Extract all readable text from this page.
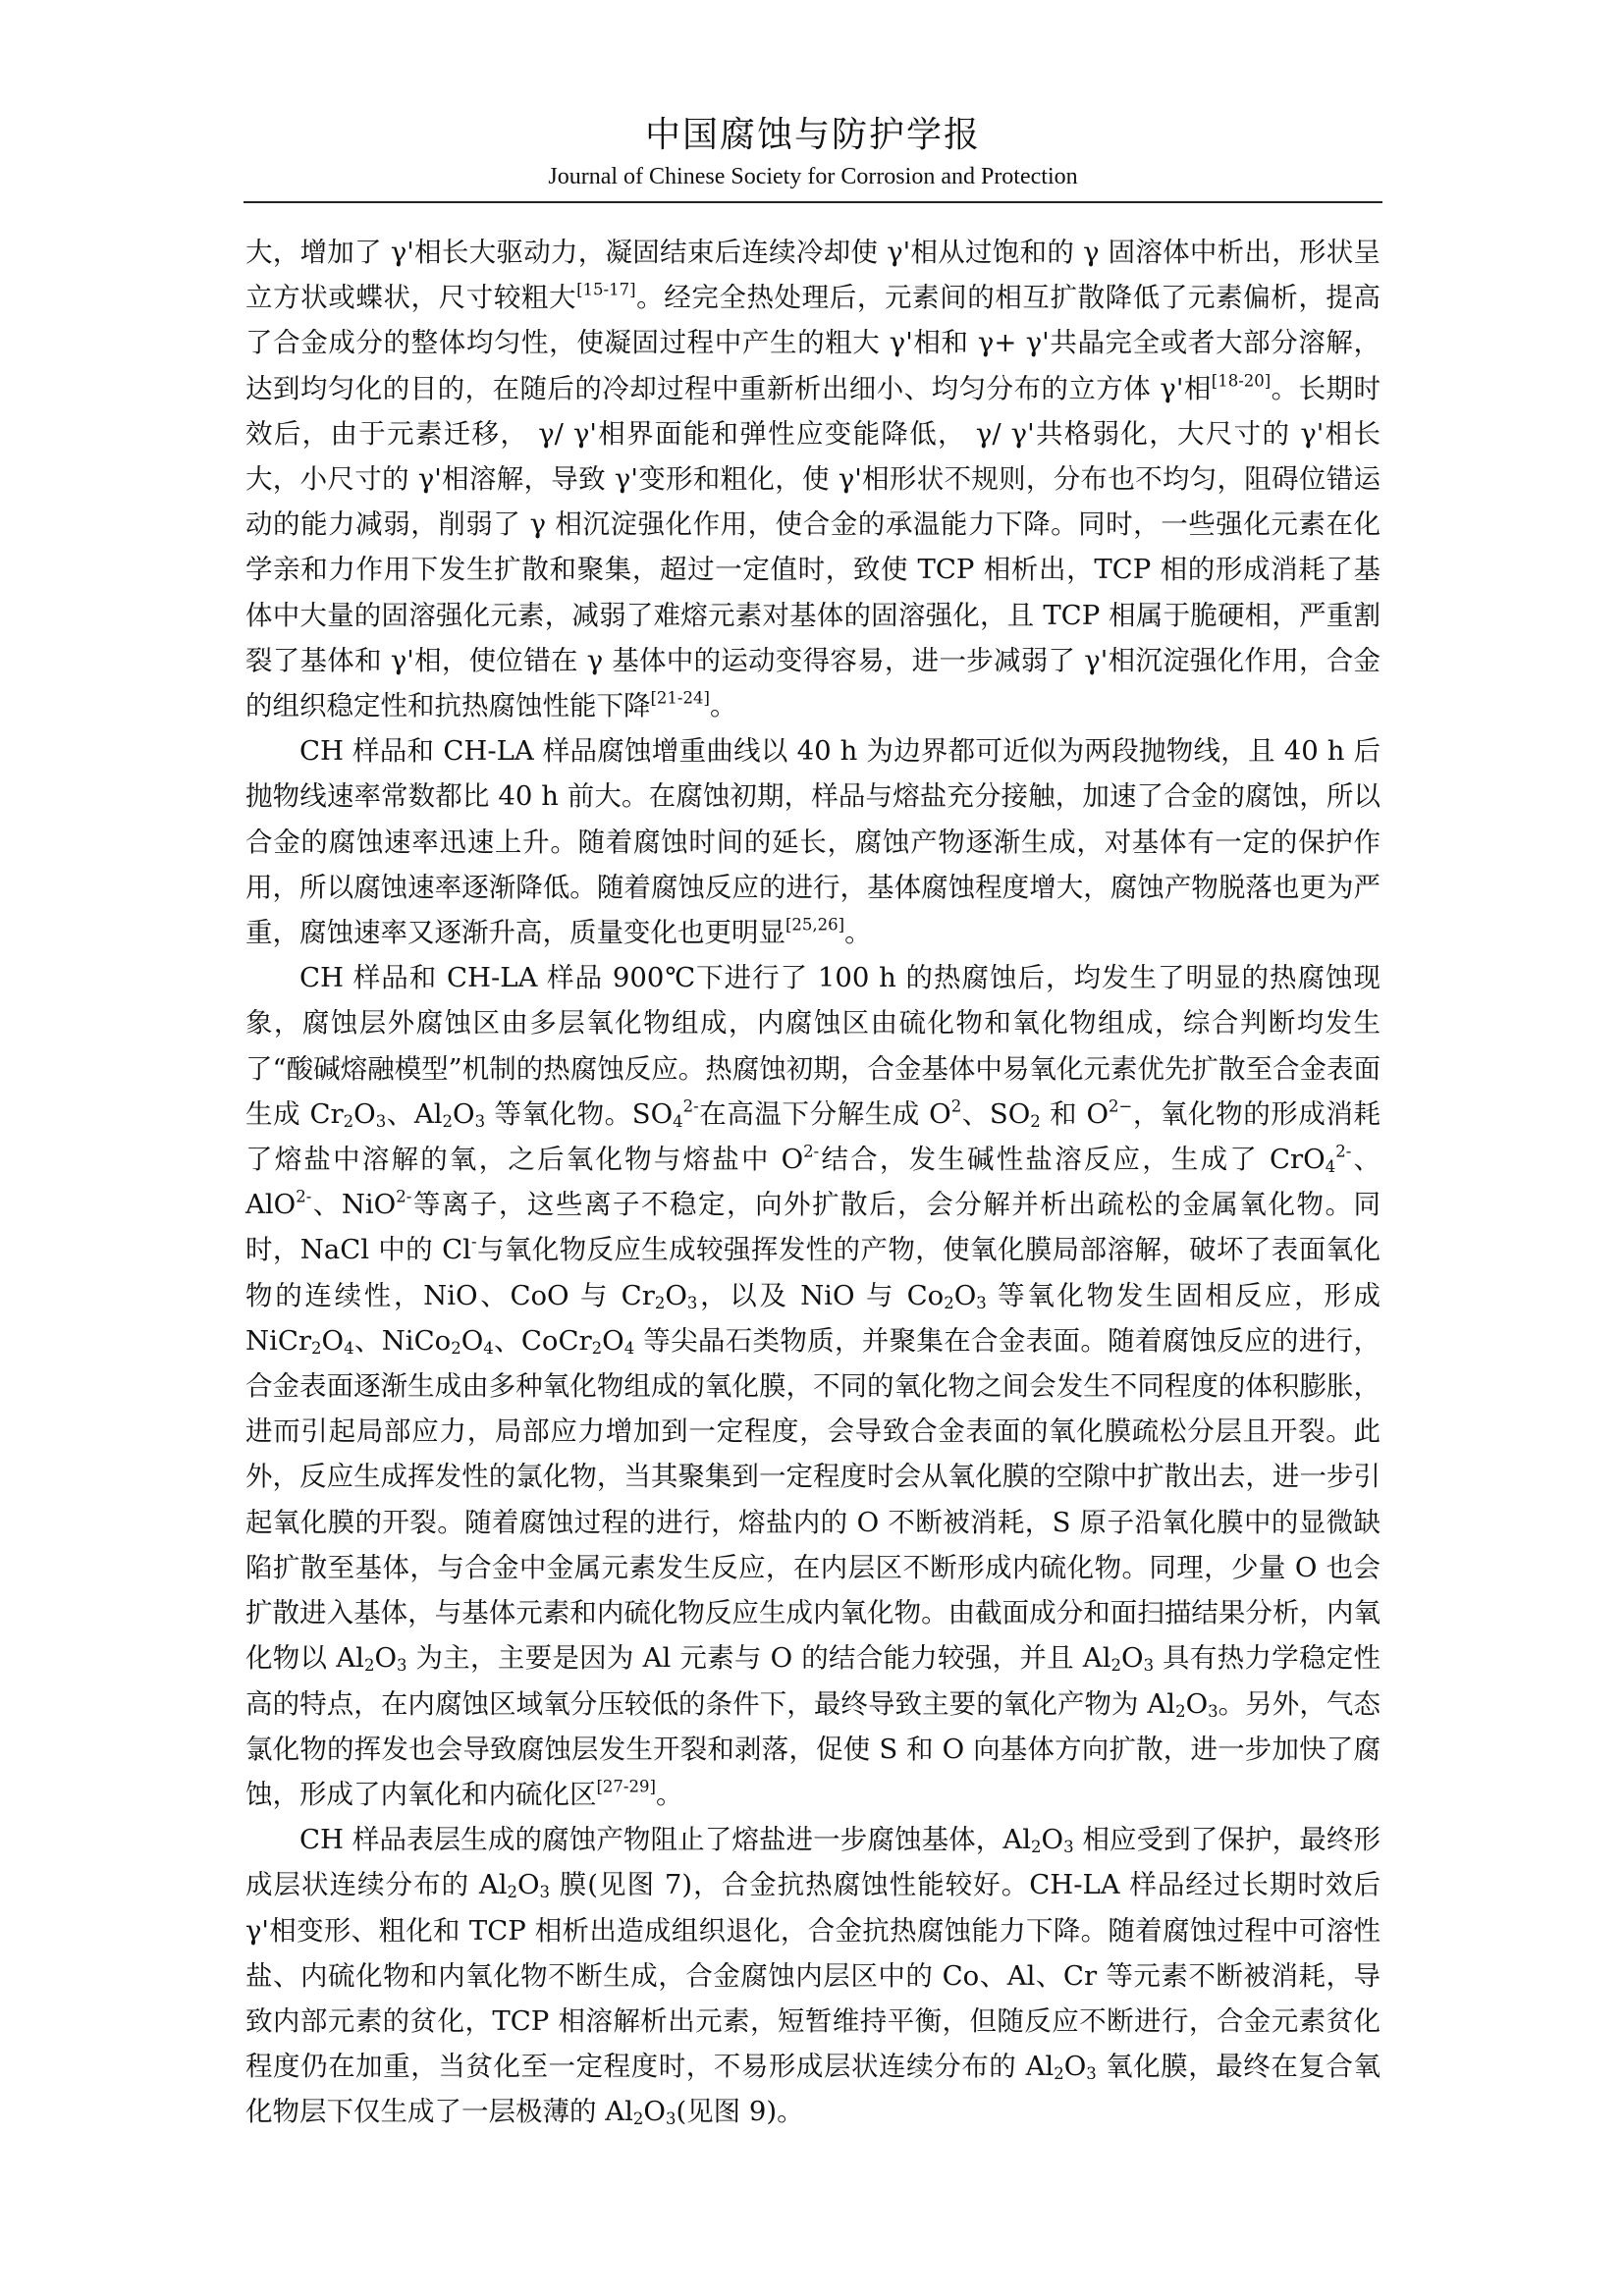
中国腐蚀与防护学报
Journal of Chinese Society for Corrosion and Protection

大，增加了 γ'相长大驱动力，凝固结束后连续冷却使 γ'相从过饱和的 γ 固溶体中析出，形状呈立方状或蝶状，尺寸较粗大[15-17]。经完全热处理后，元素间的相互扩散降低了元素偏析，提高了合金成分的整体均匀性，使凝固过程中产生的粗大 γ'相和 γ+ γ'共晶完全或者大部分溶解，达到均匀化的目的，在随后的冷却过程中重新析出细小、均匀分布的立方体 γ'相[18-20]。长期时效后，由于元素迁移， γ/ γ'相界面能和弹性应变能降低， γ/ γ'共格弱化，大尺寸的 γ'相长大，小尺寸的 γ'相溶解，导致 γ'变形和粗化，使 γ'相形状不规则，分布也不均匀，阻碍位错运动的能力减弱，削弱了 γ 相沉淀强化作用，使合金的承温能力下降。同时，一些强化元素在化学亲和力作用下发生扩散和聚集，超过一定值时，致使 TCP 相析出，TCP 相的形成消耗了基体中大量的固溶强化元素，减弱了难熔元素对基体的固溶强化，且 TCP 相属于脆硬相，严重割裂了基体和 γ'相，使位错在 γ 基体中的运动变得容易，进一步减弱了 γ'相沉淀强化作用，合金的组织稳定性和抗热腐蚀性能下降[21-24]。

CH 样品和 CH-LA 样品腐蚀增重曲线以 40 h 为边界都可近似为两段抛物线，且 40 h 后抛物线速率常数都比 40 h 前大。在腐蚀初期，样品与熔盐充分接触，加速了合金的腐蚀，所以合金的腐蚀速率迅速上升。随着腐蚀时间的延长，腐蚀产物逐渐生成，对基体有一定的保护作用，所以腐蚀速率逐渐降低。随着腐蚀反应的进行，基体腐蚀程度增大，腐蚀产物脱落也更为严重，腐蚀速率又逐渐升高，质量变化也更明显[25,26]。

CH 样品和 CH-LA 样品 900℃下进行了 100 h 的热腐蚀后，均发生了明显的热腐蚀现象，腐蚀层外腐蚀区由多层氧化物组成，内腐蚀区由硫化物和氧化物组成，综合判断均发生了“酸碱熔融模型”机制的热腐蚀反应。热腐蚀初期，合金基体中易氧化元素优先扩散至合金表面生成 $Cr_2O_3$、$Al_2O_3$ 等氧化物。$SO_4^{2-}$在高温下分解生成 $O^2$、$SO_2$ 和 $O^{2-}$，氧化物的形成消耗了熔盐中溶解的氧，之后氧化物与熔盐中 $O^{2-}$结合，发生碱性盐溶反应，生成了 CrO$_4^{2-}$、AlO$^{2-}$、NiO$^{2-}$等离子，这些离子不稳定，向外扩散后，会分解并析出疏松的金属氧化物。同时，NaCl 中的 Cl-与氧化物反应生成较强挥发性的产物，使氧化膜局部溶解，破坏了表面氧化物的连续性，NiO、CoO 与 $Cr_2O_3$，以及 NiO 与 $Co_2O_3$ 等氧化物发生固相反应，形成 $NiCr_2O_4$、$NiCo_2O_4$、$CoCr_2O_4$ 等尖晶石类物质，并聚集在合金表面。随着腐蚀反应的进行，合金表面逐渐生成由多种氧化物组成的氧化膜，不同的氧化物之间会发生不同程度的体积膨胀，进而引起局部应力，局部应力增加到一定程度，会导致合金表面的氧化膜疏松分层且开裂。此外，反应生成挥发性的氯化物，当其聚集到一定程度时会从氧化膜的空隙中扩散出去，进一步引起氧化膜的开裂。随着腐蚀过程的进行，熔盐内的 O 不断被消耗，S 原子沿氧化膜中的显微缺陷扩散至基体，与合金中金属元素发生反应，在内层区不断形成内硫化物。同理，少量 O 也会扩散进入基体，与基体元素和内硫化物反应生成内氧化物。由截面成分和面扫描结果分析，内氧化物以 $Al_2O_3$ 为主，主要是因为 Al 元素与 O 的结合能力较强，并且 $Al_2O_3$ 具有热力学稳定性高的特点，在内腐蚀区域氧分压较低的条件下，最终导致主要的氧化产物为 $Al_2O_3$。另外，气态氯化物的挥发也会导致腐蚀层发生开裂和剥落，促使 S 和 O 向基体方向扩散，进一步加快了腐蚀，形成了内氧化和内硫化区[27-29]。

CH 样品表层生成的腐蚀产物阻止了熔盐进一步腐蚀基体，$Al_2O_3$ 相应受到了保护，最终形成层状连续分布的 $Al_2O_3$ 膜(见图 7)，合金抗热腐蚀性能较好。CH-LA 样品经过长期时效后 γ'相变形、粗化和 TCP 相析出造成组织退化，合金抗热腐蚀能力下降。随着腐蚀过程中可溶性盐、内硫化物和内氧化物不断生成，合金腐蚀内层区中的 Co、Al、Cr 等元素不断被消耗，导致内部元素的贫化，TCP 相溶解析出元素，短暂维持平衡，但随反应不断进行，合金元素贫化程度仍在加重，当贫化至一定程度时，不易形成层状连续分布的 $Al_2O_3$ 氧化膜，最终在复合氧化物层下仅生成了一层极薄的 $Al_2O_3$(见图 9)。
